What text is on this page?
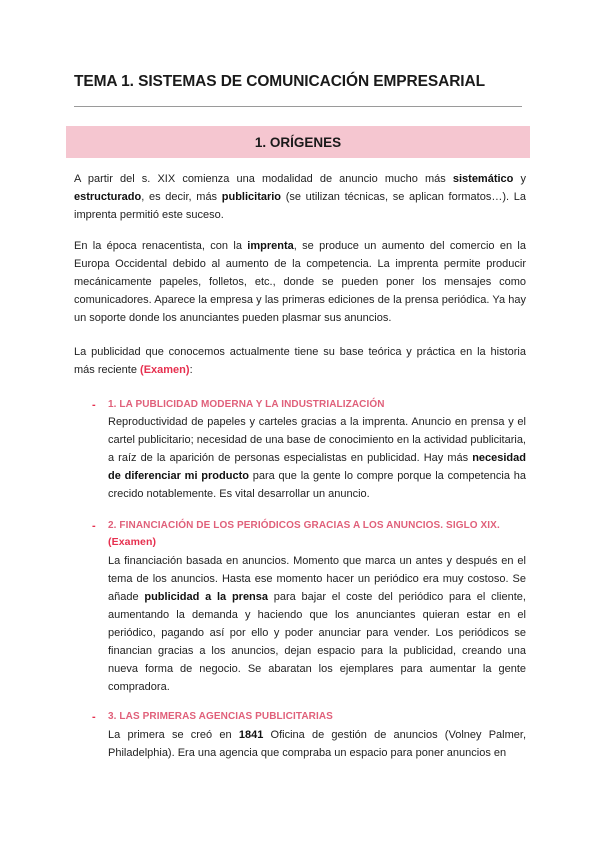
TEMA 1. SISTEMAS DE COMUNICACIÓN EMPRESARIAL
1. ORÍGENES
A partir del s. XIX comienza una modalidad de anuncio mucho más sistemático y estructurado, es decir, más publicitario (se utilizan técnicas, se aplican formatos…). La imprenta permitió este suceso.
En la época renacentista, con la imprenta, se produce un aumento del comercio en la Europa Occidental debido al aumento de la competencia. La imprenta permite producir mecánicamente papeles, folletos, etc., donde se pueden poner los mensajes como comunicadores. Aparece la empresa y las primeras ediciones de la prensa periódica. Ya hay un soporte donde los anunciantes pueden plasmar sus anuncios.
La publicidad que conocemos actualmente tiene su base teórica y práctica en la historia más reciente (Examen):
- 1. LA PUBLICIDAD MODERNA Y LA INDUSTRIALIZACIÓN
Reproductividad de papeles y carteles gracias a la imprenta. Anuncio en prensa y el cartel publicitario; necesidad de una base de conocimiento en la actividad publicitaria, a raíz de la aparición de personas especialistas en publicidad. Hay más necesidad de diferenciar mi producto para que la gente lo compre porque la competencia ha crecido notablemente. Es vital desarrollar un anuncio.
- 2. FINANCIACIÓN DE LOS PERIÓDICOS GRACIAS A LOS ANUNCIOS. SIGLO XIX.
(Examen)
La financiación basada en anuncios. Momento que marca un antes y después en el tema de los anuncios. Hasta ese momento hacer un periódico era muy costoso. Se añade publicidad a la prensa para bajar el coste del periódico para el cliente, aumentando la demanda y haciendo que los anunciantes quieran estar en el periódico, pagando así por ello y poder anunciar para vender. Los periódicos se financian gracias a los anuncios, dejan espacio para la publicidad, creando una nueva forma de negocio. Se abaratan los ejemplares para aumentar la gente compradora.
- 3. LAS PRIMERAS AGENCIAS PUBLICITARIAS
La primera se creó en 1841 Oficina de gestión de anuncios (Volney Palmer, Philadelphia). Era una agencia que compraba un espacio para poner anuncios en
